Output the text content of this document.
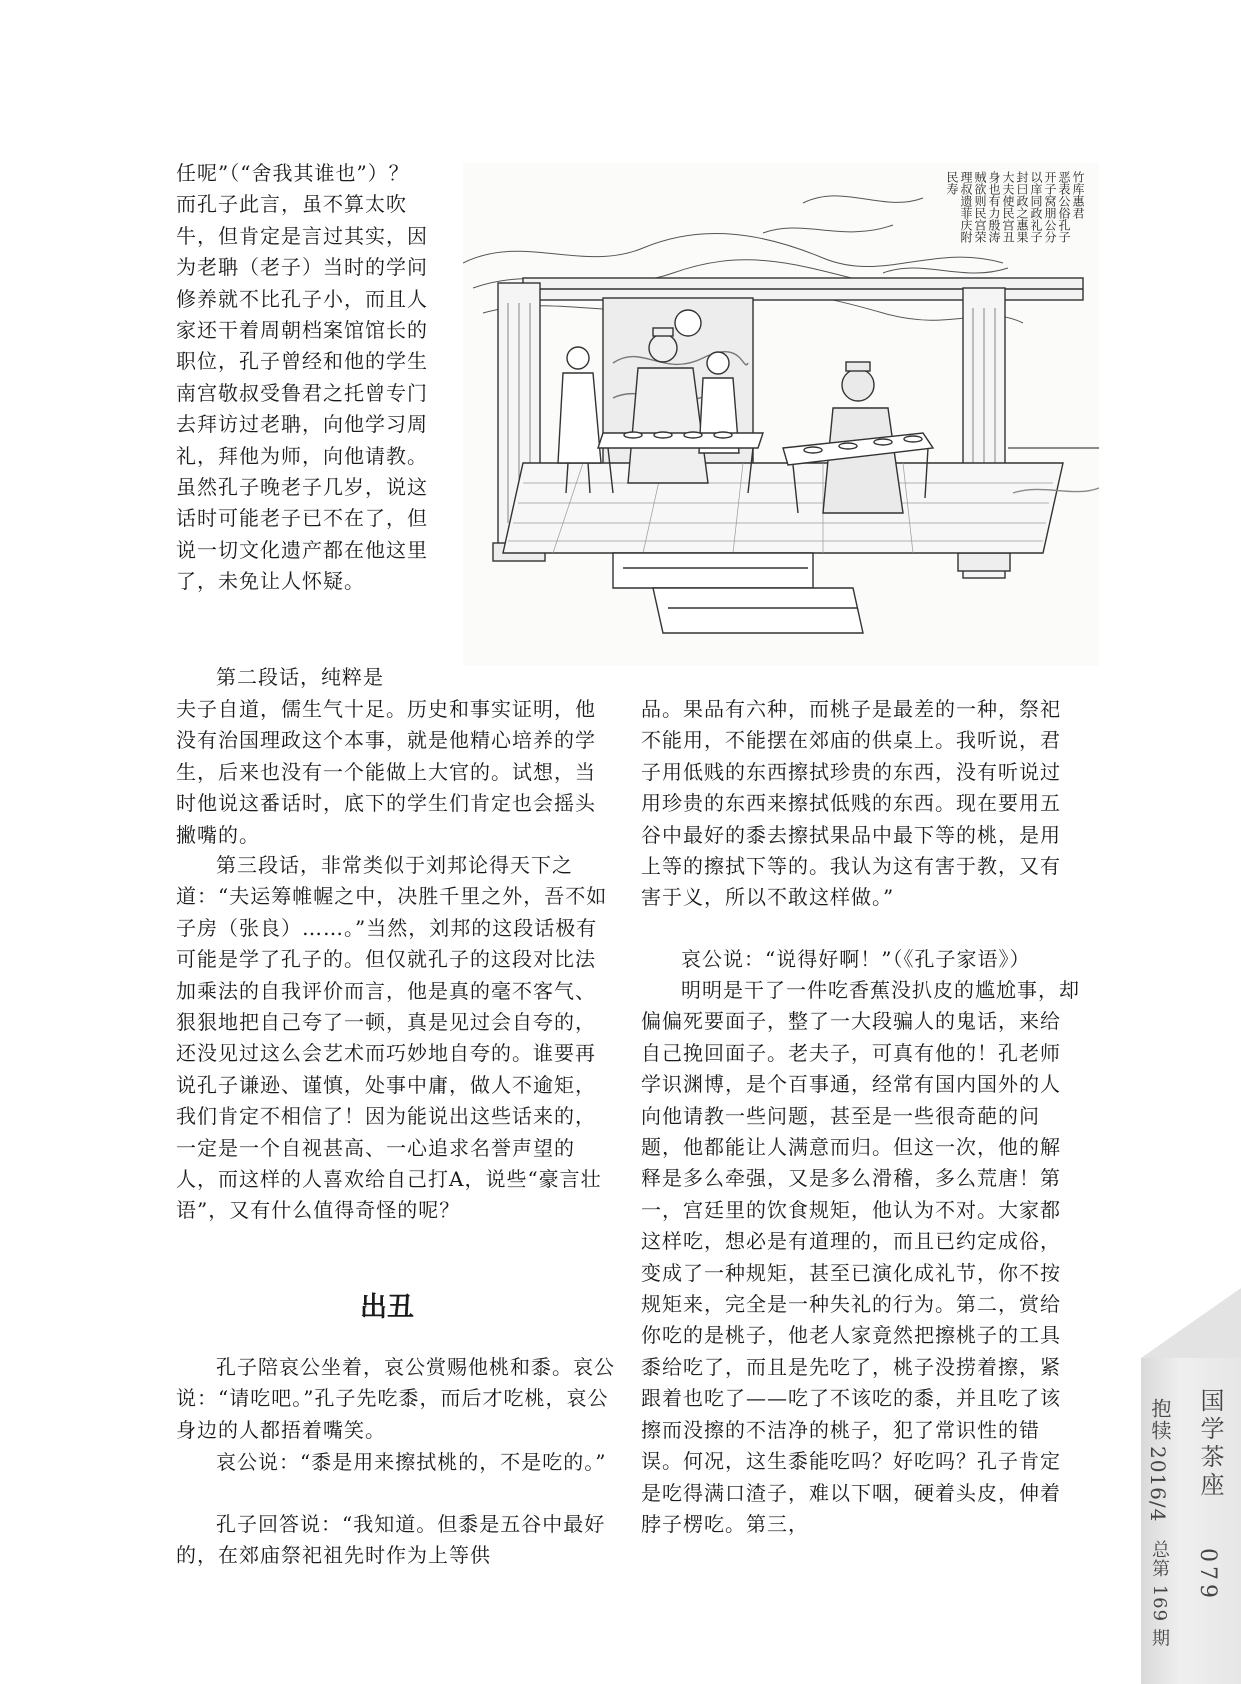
任呢”（“舍我其谁也”）？而孔子此言，虽不算太吹牛，但肯定是言过其实，因为老聃（老子）当时的学问修养就不比孔子小，而且人家还干着周朝档案馆馆长的职位，孔子曾经和他的学生南宫敬叔受鲁君之托曾专门去拜访过老聃，向他学习周礼，拜他为师，向他请教。虽然孔子晚老子几岁，说这话时可能老子已不在了，但说一切文化遗产都在他这里了，未免让人怀疑。

第二段话，纯粹是

夫子自道，儒生气十足。历史和事实证明，他没有治国理政这个本事，就是他精心培养的学生，后来也没有一个能做上大官的。试想，当时他说这番话时，底下的学生们肯定也会摇头撇嘴的。

第三段话，非常类似于刘邦论得天下之道：“夫运筹帷幄之中，决胜千里之外，吾不如子房（张良）……。”当然，刘邦的这段话极有可能是学了孔子的。但仅就孔子的这段对比法加乘法的自我评价而言，他是真的毫不客气、狠狠地把自己夸了一顿，真是见过会自夸的，还没见过这么会艺术而巧妙地自夸的。谁要再说孔子谦逊、谨慎，处事中庸，做人不逾矩，我们肯定不相信了！因为能说出这些话来的，一定是一个自视甚高、一心追求名誉声望的人，而这样的人喜欢给自己打A，说些“豪言壮语”，又有什么值得奇怪的呢？

出丑

孔子陪哀公坐着，哀公赏赐他桃和黍。哀公说：“请吃吧。”孔子先吃黍，而后才吃桃，哀公身边的人都捂着嘴笑。

哀公说：“黍是用来擦拭桃的，不是吃的。”

孔子回答说：“我知道。但黍是五谷中最好的，在郊庙祭祀祖先时作为上等供

品。果品有六种，而桃子是最差的一种，祭祀不能用，不能摆在郊庙的供桌上。我听说，君子用低贱的东西擦拭珍贵的东西，没有听说过用珍贵的东西来擦拭低贱的东西。现在要用五谷中最好的黍去擦拭果品中最下等的桃，是用上等的擦拭下等的。我认为这有害于教，又有害于义，所以不敢这样做。”

哀公说：“说得好啊！”（《孔子家语》）

明明是干了一件吃香蕉没扒皮的尴尬事，却偏偏死要面子，整了一大段骗人的鬼话，来给自己挽回面子。老夫子，可真有他的！孔老师学识渊博，是个百事通，经常有国内国外的人向他请教一些问题，甚至是一些很奇葩的问题，他都能让人满意而归。但这一次，他的解释是多么牵强，又是多么滑稽，多么荒唐！第一，宫廷里的饮食规矩，他认为不对。大家都这样吃，想必是有道理的，而且已约定成俗，变成了一种规矩，甚至已演化成礼节，你不按规矩来，完全是一种失礼的行为。第二，赏给你吃的是桃子，他老人家竟然把擦桃子的工具黍给吃了，而且是先吃了，桃子没捞着擦，紧跟着也吃了——吃了不该吃的黍，并且吃了该擦而没擦的不洁净的桃子，犯了常识性的错误。何况，这生黍能吃吗？好吃吗？孔子肯定是吃得满口渣子，难以下咽，硬着头皮，伸着脖子楞吃。第三，

竹库惠君
恶表公俗孔子
开子窝朋公分
以庠同政礼子
封曰政之惠果
大夫使民宫丑
身也有力殷涛
贼欲则民宫荣
理叔遗菲庆附
民寿
国学茶座
079
抱犊
2016/4
总第 169 期
